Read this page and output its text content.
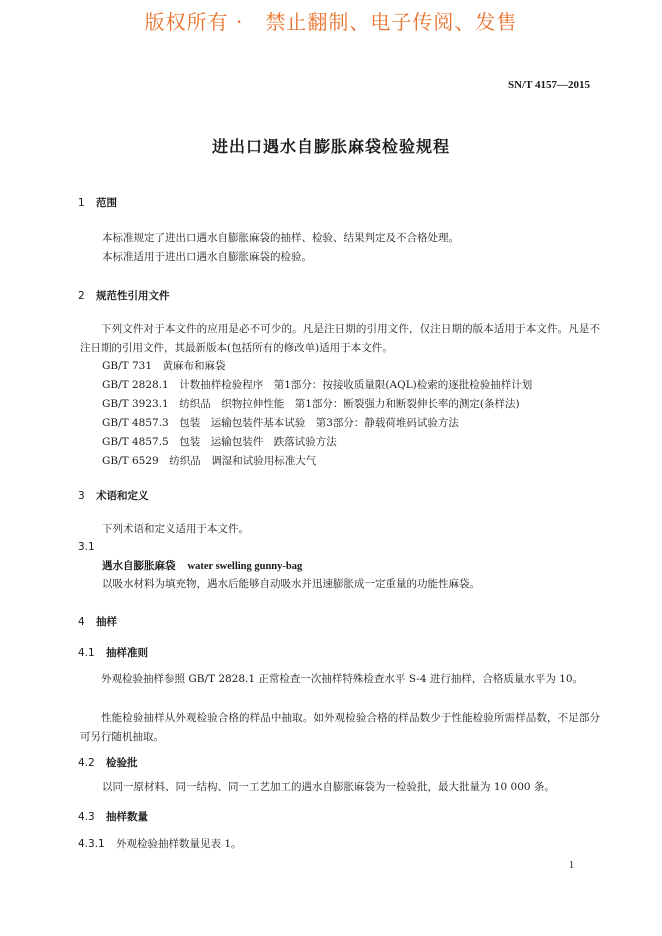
版权所有 · 禁止翻制、电子传阅、发售
SN/T 4157—2015
进出口遇水自膨胀麻袋检验规程
1 范围
本标准规定了进出口遇水自膨胀麻袋的抽样、检验、结果判定及不合格处理。
本标准适用于进出口遇水自膨胀麻袋的检验。
2 规范性引用文件
下列文件对于本文件的应用是必不可少的。凡是注日期的引用文件，仅注日期的版本适用于本文件。凡是不注日期的引用文件，其最新版本(包括所有的修改单)适用于本文件。
GB/T 731　黄麻布和麻袋
GB/T 2828.1　计数抽样检验程序　第1部分：按接收质量限(AQL)检索的逐批检验抽样计划
GB/T 3923.1　纺织品　织物拉伸性能　第1部分：断裂强力和断裂伸长率的测定(条样法)
GB/T 4857.3　包装　运输包装件基本试验　第3部分：静载荷堆码试验方法
GB/T 4857.5　包装　运输包装件　跌落试验方法
GB/T 6529　纺织品　调湿和试验用标准大气
3 术语和定义
下列术语和定义适用于本文件。
3.1
遇水自膨胀麻袋 water swelling gunny-bag
以吸水材料为填充物，遇水后能够自动吸水并迅速膨胀成一定重量的功能性麻袋。
4 抽样
4.1 抽样准则
外观检验抽样参照 GB/T 2828.1 正常检查一次抽样特殊检查水平 S-4 进行抽样，合格质量水平为 10。
性能检验抽样从外观检验合格的样品中抽取。如外观检验合格的样品数少于性能检验所需样品数，不足部分可另行随机抽取。
4.2 检验批
以同一原材料、同一结构、同一工艺加工的遇水自膨胀麻袋为一检验批，最大批量为 10 000 条。
4.3 抽样数量
4.3.1 外观检验抽样数量见表 1。
1
